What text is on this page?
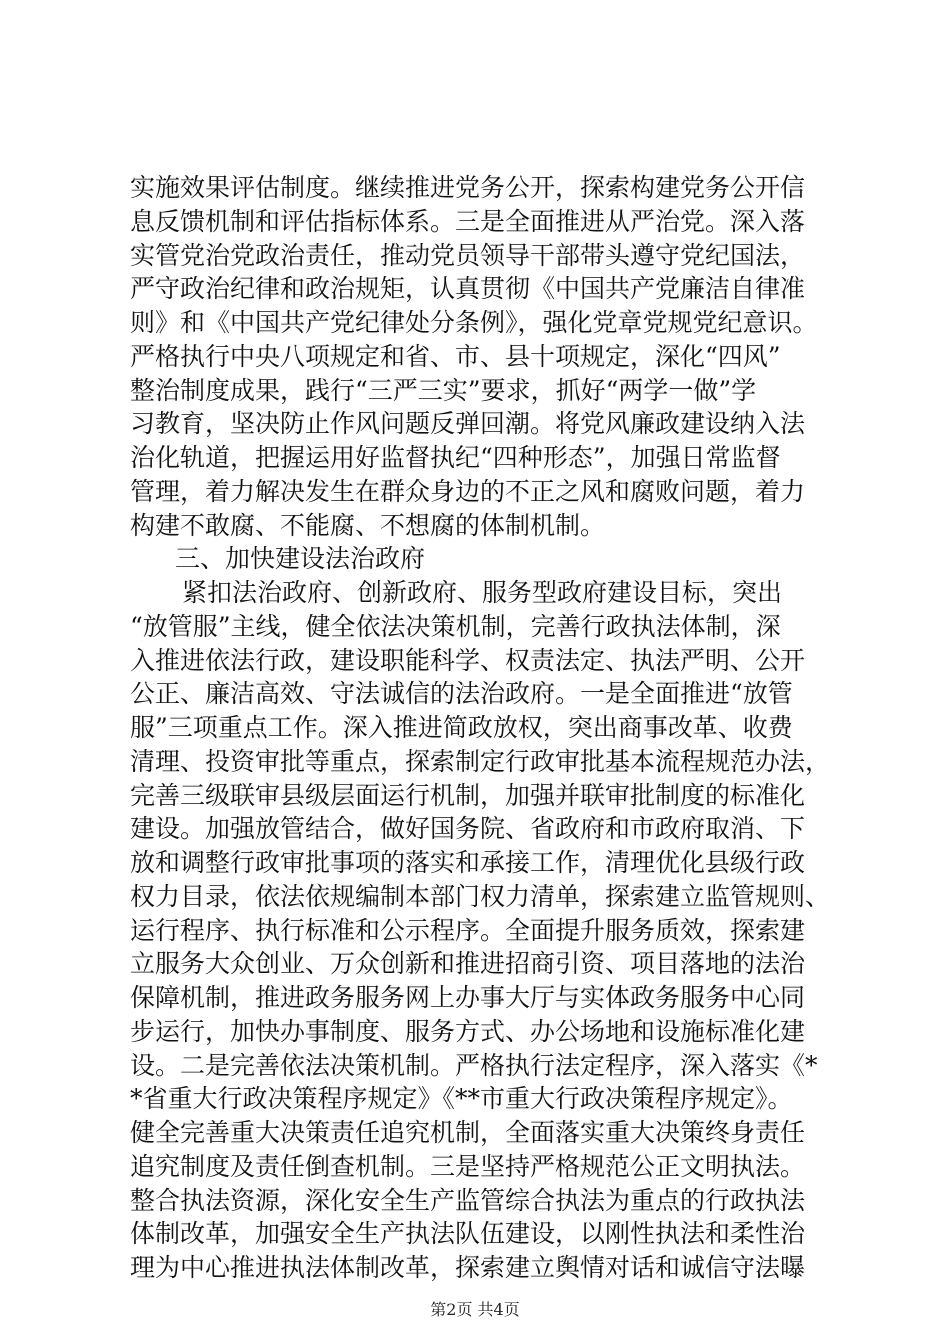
实施效果评估制度。继续推进党务公开，探索构建党务公开信
息反馈机制和评估指标体系。三是全面推进从严治党。深入落
实管党治党政治责任，推动党员领导干部带头遵守党纪国法，
严守政治纪律和政治规矩，认真贯彻《中国共产党廉洁自律准
则》和《中国共产党纪律处分条例》，强化党章党规党纪意识。
严格执行中央八项规定和省、市、县十项规定，深化“四风”
整治制度成果，践行“三严三实”要求，抓好“两学一做”学
习教育，坚决防止作风问题反弹回潮。将党风廉政建设纳入法
治化轨道，把握运用好监督执纪“四种形态”，加强日常监督
管理，着力解决发生在群众身边的不正之风和腐败问题，着力
构建不敢腐、不能腐、不想腐的体制机制。
三、加快建设法治政府
紧扣法治政府、创新政府、服务型政府建设目标，突出
“放管服”主线，健全依法决策机制，完善行政执法体制，深
入推进依法行政，建设职能科学、权责法定、执法严明、公开
公正、廉洁高效、守法诚信的法治政府。一是全面推进“放管
服”三项重点工作。深入推进简政放权，突出商事改革、收费
清理、投资审批等重点，探索制定行政审批基本流程规范办法，
完善三级联审县级层面运行机制，加强并联审批制度的标准化
建设。加强放管结合，做好国务院、省政府和市政府取消、下
放和调整行政审批事项的落实和承接工作，清理优化县级行政
权力目录，依法依规编制本部门权力清单，探索建立监管规则、
运行程序、执行标准和公示程序。全面提升服务质效，探索建
立服务大众创业、万众创新和推进招商引资、项目落地的法治
保障机制，推进政务服务网上办事大厅与实体政务服务中心同
步运行，加快办事制度、服务方式、办公场地和设施标准化建
设。二是完善依法决策机制。严格执行法定程序，深入落实《*
*省重大行政决策程序规定》《**市重大行政决策程序规定》。
健全完善重大决策责任追究机制，全面落实重大决策终身责任
追究制度及责任倒查机制。三是坚持严格规范公正文明执法。
整合执法资源，深化安全生产监管综合执法为重点的行政执法
体制改革，加强安全生产执法队伍建设，以刚性执法和柔性治
理为中心推进执法体制改革，探索建立舆情对话和诚信守法曝
第2页 共4页
